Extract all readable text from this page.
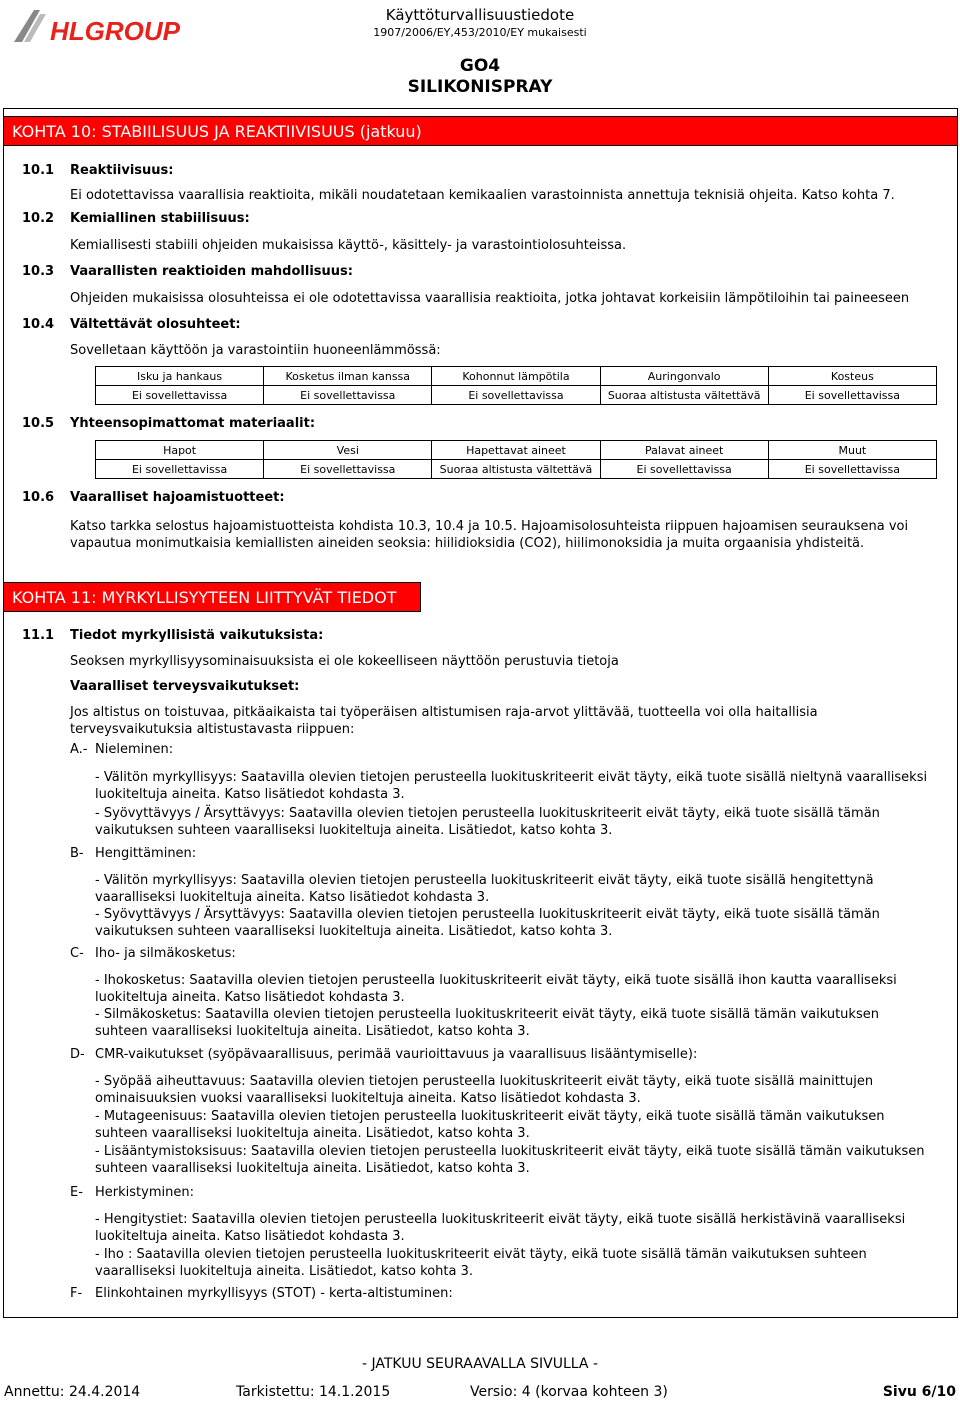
HLGROUP
Käyttöturvallisuustiedote
1907/2006/EY,453/2010/EY mukaisesti
GO4
SILIKONISPRAY
KOHTA 10: STABIILISUUS JA REAKTIIVISUUS (jatkuu)
10.1 Reaktiivisuus:
Ei odotettavissa vaarallisia reaktioita, mikäli noudatetaan kemikaalien varastoinnista annettuja teknisiä ohjeita. Katso kohta 7.
10.2 Kemiallinen stabiilisuus:
Kemiallisesti stabiili ohjeiden mukaisissa käyttö-, käsittely- ja varastointiolosuhteissa.
10.3 Vaarallisten reaktioiden mahdollisuus:
Ohjeiden mukaisissa olosuhteissa ei ole odotettavissa vaarallisia reaktioita, jotka johtavat korkeisiin lämpötiloihin tai paineeseen
10.4 Vältettävät olosuhteet:
Sovelletaan käyttöön ja varastointiin huoneenlämmössä:
Isku ja hankaus	Kosketus ilman kanssa	Kohonnut lämpötila	Auringonvalo	Kosteus
Ei sovellettavissa	Ei sovellettavissa	Ei sovellettavissa	Suoraa altistusta vältettävä	Ei sovellettavissa
10.5 Yhteensopimattomat materiaalit:
Hapot	Vesi	Hapettavat aineet	Palavat aineet	Muut
Ei sovellettavissa	Ei sovellettavissa	Suoraa altistusta vältettävä	Ei sovellettavissa	Ei sovellettavissa
10.6 Vaaralliset hajoamistuotteet:
Katso tarkka selostus hajoamistuotteista kohdista 10.3, 10.4 ja 10.5. Hajoamisolosuhteista riippuen hajoamisen seurauksena voi vapautua monimutkaisia kemiallisten aineiden seoksia: hiilidioksidia (CO2), hiilimonoksidia ja muita orgaanisia yhdisteitä.
KOHTA 11: MYRKYLLISYYTEEN LIITTYVÄT TIEDOT
11.1 Tiedot myrkyllisistä vaikutuksista:
Seoksen myrkyllisyysominaisuuksista ei ole kokeelliseen näyttöön perustuvia tietoja
Vaaralliset terveysvaikutukset:
Jos altistus on toistuvaa, pitkäaikaista tai työperäisen altistumisen raja-arvot ylittävää, tuotteella voi olla haitallisia terveysvaikutuksia altistustavasta riippuen:
A.- Nieleminen:
- Välitön myrkyllisyys: Saatavilla olevien tietojen perusteella luokituskriteerit eivät täyty, eikä tuote sisällä nieltynä vaaralliseksi luokiteltuja aineita. Katso lisätiedot kohdasta 3.
- Syövyttävyys / Ärsyttävyys: Saatavilla olevien tietojen perusteella luokituskriteerit eivät täyty, eikä tuote sisällä tämän vaikutuksen suhteen vaaralliseksi luokiteltuja aineita. Lisätiedot, katso kohta 3.
B- Hengittäminen:
- Välitön myrkyllisyys: Saatavilla olevien tietojen perusteella luokituskriteerit eivät täyty, eikä tuote sisällä hengitettynä vaaralliseksi luokiteltuja aineita. Katso lisätiedot kohdasta 3.
- Syövyttävyys / Ärsyttävyys: Saatavilla olevien tietojen perusteella luokituskriteerit eivät täyty, eikä tuote sisällä tämän vaikutuksen suhteen vaaralliseksi luokiteltuja aineita. Lisätiedot, katso kohta 3.
C- Iho- ja silmäkosketus:
- Ihokosketus: Saatavilla olevien tietojen perusteella luokituskriteerit eivät täyty, eikä tuote sisällä ihon kautta vaaralliseksi luokiteltuja aineita. Katso lisätiedot kohdasta 3.
- Silmäkosketus: Saatavilla olevien tietojen perusteella luokituskriteerit eivät täyty, eikä tuote sisällä tämän vaikutuksen suhteen vaaralliseksi luokiteltuja aineita. Lisätiedot, katso kohta 3.
D- CMR-vaikutukset (syöpävaarallisuus, perimää vaurioittavuus ja vaarallisuus lisääntymiselle):
- Syöpää aiheuttavuus: Saatavilla olevien tietojen perusteella luokituskriteerit eivät täyty, eikä tuote sisällä mainittujen ominaisuuksien vuoksi vaaralliseksi luokiteltuja aineita. Katso lisätiedot kohdasta 3.
- Mutageenisuus: Saatavilla olevien tietojen perusteella luokituskriteerit eivät täyty, eikä tuote sisällä tämän vaikutuksen suhteen vaaralliseksi luokiteltuja aineita. Lisätiedot, katso kohta 3.
- Lisääntymistoksisuus: Saatavilla olevien tietojen perusteella luokituskriteerit eivät täyty, eikä tuote sisällä tämän vaikutuksen suhteen vaaralliseksi luokiteltuja aineita. Lisätiedot, katso kohta 3.
E- Herkistyminen:
- Hengitystiet: Saatavilla olevien tietojen perusteella luokituskriteerit eivät täyty, eikä tuote sisällä herkistävinä vaaralliseksi luokiteltuja aineita. Katso lisätiedot kohdasta 3.
- Iho : Saatavilla olevien tietojen perusteella luokituskriteerit eivät täyty, eikä tuote sisällä tämän vaikutuksen suhteen vaaralliseksi luokiteltuja aineita. Lisätiedot, katso kohta 3.
F- Elinkohtainen myrkyllisyys (STOT) - kerta-altistuminen:
- JATKUU SEURAAVALLA SIVULLA -
Annettu: 24.4.2014	Tarkistettu: 14.1.2015	Versio: 4 (korvaa kohteen 3)	Sivu 6/10
